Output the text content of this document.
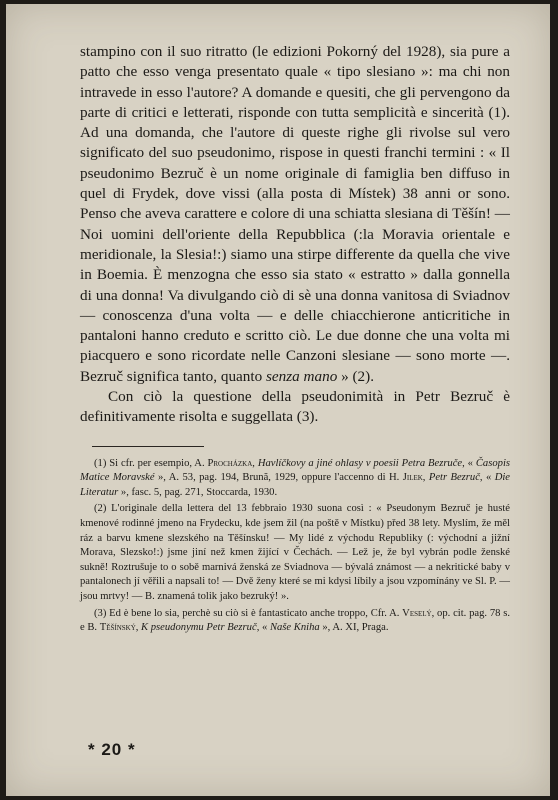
stampino con il suo ritratto (le edizioni Pokorný del 1928), sia pure a patto che esso venga presentato quale « tipo slesiano »: ma chi non intravede in esso l'autore? A domande e quesiti, che gli pervengono da parte di critici e letterati, risponde con tutta semplicità e sincerità (1). Ad una domanda, che l'autore di queste righe gli rivolse sul vero significato del suo pseudonimo, rispose in questi franchi termini : « Il pseudonimo Bezruč è un nome originale di famiglia ben diffuso in quel di Frydek, dove vissi (alla posta di Místek) 38 anni or sono. Penso che aveva carattere e colore di una schiatta slesiana di Těšín! — Noi uomini dell'oriente della Repubblica (:la Moravia orientale e meridionale, la Slesia!:) siamo una stirpe differente da quella che vive in Boemia. È menzogna che esso sia stato « estratto » dalla gonnella di una donna! Va divulgando ciò di sè una donna vanitosa di Sviadnov — conoscenza d'una volta — e delle chiacchierone anticritiche in pantaloni hanno creduto e scritto ciò. Le due donne che una volta mi piacquero e sono ricordate nelle Canzoni slesiane — sono morte —. Bezruč significa tanto, quanto senza mano » (2).

Con ciò la questione della pseudonimità in Petr Bezruč è definitivamente risolta e suggellata (3).

(1) Si cfr. per esempio, A. Procházka, Havlíčkovy a jiné ohlasy v poesii Petra Bezruče, « Časopis Matice Moravské », A. 53, pag. 194, Brună, 1929, oppure l'accenno di H. Jilek, Petr Bezruč, « Die Literatur », fasc. 5, pag. 271, Stoccarda, 1930.

(2) L'originale della lettera del 13 febbraio 1930 suona così : « Pseudonym Bezruč je husté kmenové rodinné jmeno na Frydecku, kde jsem žil (na poště v Místku) před 38 lety. Myslím, že měl ráz a barvu kmene slezského na Těšínsku! — My lidé z východu Republiky (: východní a jižní Morava, Slezsko!:) jsme jiní než kmen žijící v Čechách. — Lež je, že byl vybrán podle ženské sukně! Roztrušuje to o sobě marnivá ženská ze Sviadnova — bývalá známost — a nekritické baby v pantalonech jí věřili a napsali to! — Dvě ženy které se mi kdysi líbily a jsou vzpomínány ve Sl. P. — jsou mrtvy! — B. znamená tolik jako bezruký! ».

(3) Ed è bene lo sia, perchè su ciò si è fantasticato anche troppo, Cfr. A. Veselý, op. cit. pag. 78 s. e B. Těšínský, K pseudonymu Petr Bezruč, « Naše Kniha », A. XI, Praga.

* 20 *
